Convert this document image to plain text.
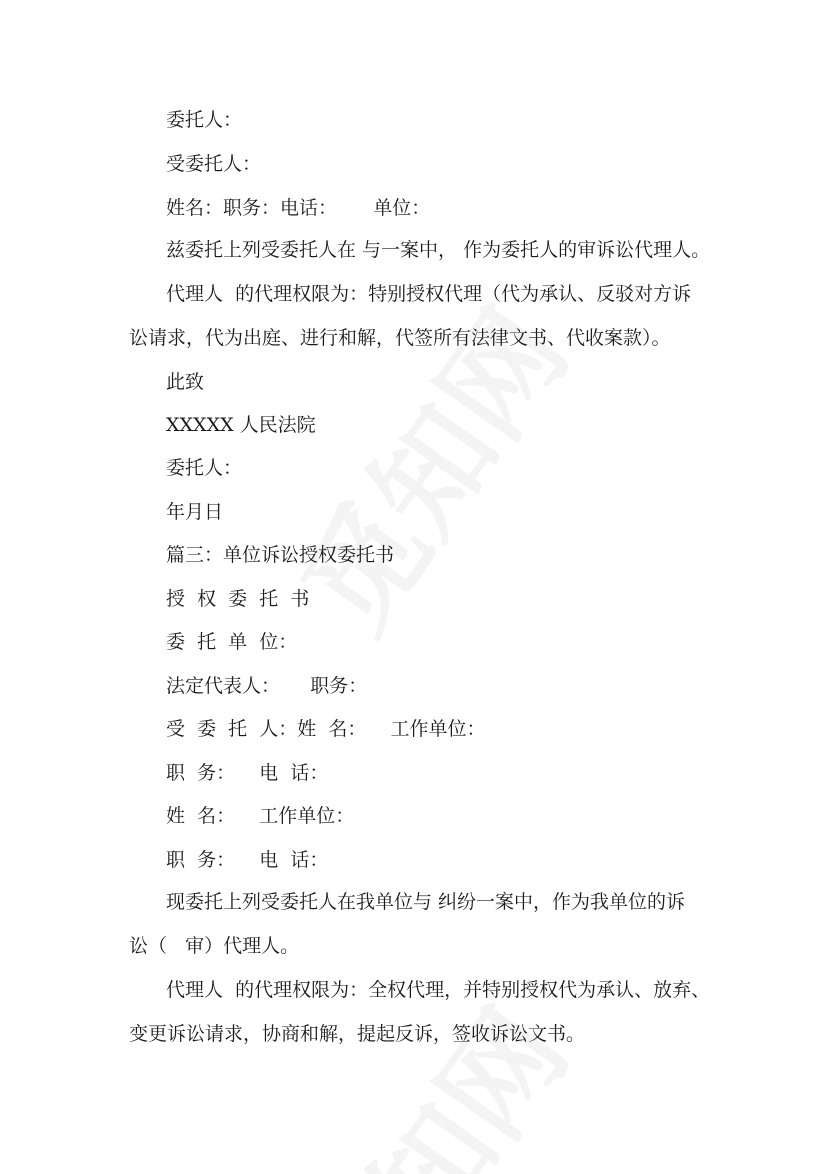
委托人：

受委托人：

姓名：职务：电话：      单位：

兹委托上列受委托人在 与一案中， 作为委托人的审诉讼代理人。

代理人  的代理权限为：特别授权代理（代为承认、反驳对方诉

讼请求，代为出庭、进行和解，代签所有法律文书、代收案款）。

此致

XXXXX 人民法院

委托人：

年月日

篇三：单位诉讼授权委托书

授  权  委  托  书

委  托  单  位：

法定代表人：     职务：

受  委  托  人：姓  名：    工作单位：

职  务：    电  话：

姓  名：    工作单位：

职  务：    电  话：

现委托上列受委托人在我单位与 纠纷一案中，作为我单位的诉

讼（   审）代理人。

代理人  的代理权限为：全权代理，并特别授权代为承认、放弃、

变更诉讼请求，协商和解，提起反诉，签收诉讼文书。
